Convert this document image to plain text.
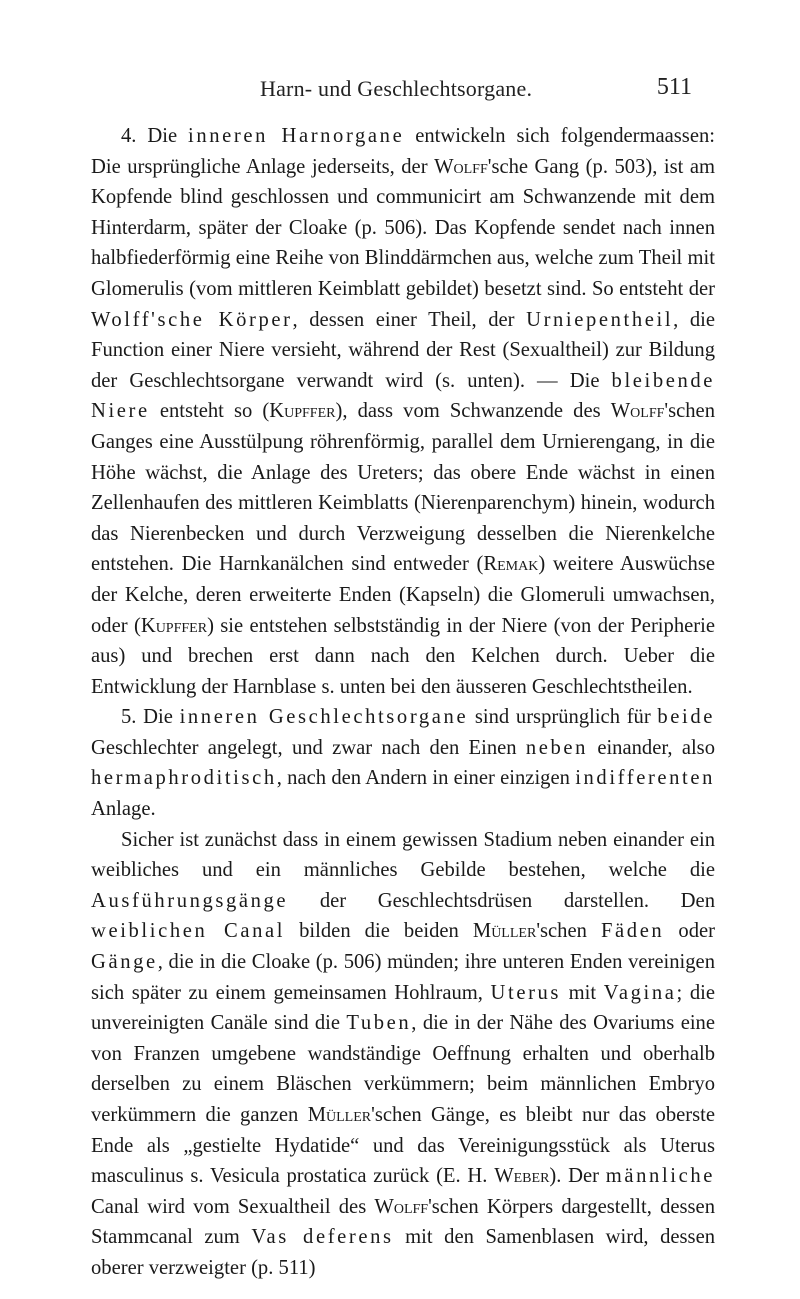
Harn- und Geschlechtsorgane.	511

4. Die inneren Harnorgane entwickeln sich folgendermaassen: Die ursprüngliche Anlage jederseits, der Wolff'sche Gang (p. 503), ist am Kopfende blind geschlossen und communicirt am Schwanzende mit dem Hinterdarm, später der Cloake (p. 506). Das Kopfende sendet nach innen halbfiederförmig eine Reihe von Blinddärmchen aus, welche zum Theil mit Glomerulis (vom mittleren Keimblatt gebildet) besetzt sind. So entsteht der Wolff'sche Körper, dessen einer Theil, der Urniерentheil, die Function einer Niere versieht, während der Rest (Sexualtheil) zur Bildung der Geschlechtsorgane verwandt wird (s. unten). — Die bleibende Niere entsteht so (Kupffer), dass vom Schwanzende des Wolff'schen Ganges eine Ausstülpung röhrenförmig, parallel dem Urnierengang, in die Höhe wächst, die Anlage des Ureters; das obere Ende wächst in einen Zellenhaufen des mittleren Keimblatts (Nierenparenchym) hinein, wodurch das Nierenbecken und durch Verzweigung desselben die Nierenkelche entstehen. Die Harnkanälchen sind entweder (Remak) weitere Auswüchse der Kelche, deren erweiterte Enden (Kapseln) die Glomeruli umwachsen, oder (Kupffer) sie entstehen selbstständig in der Niere (von der Peripherie aus) und brechen erst dann nach den Kelchen durch. Ueber die Entwicklung der Harnblase s. unten bei den äusseren Geschlechtstheilen.

5. Die inneren Geschlechtsorgane sind ursprünglich für beide Geschlechter angelegt, und zwar nach den Einen neben einander, also hermaphroditisch, nach den Andern in einer einzigen indifferenten Anlage.

Sicher ist zunächst dass in einem gewissen Stadium neben einander ein weibliches und ein männliches Gebilde bestehen, welche die Ausführungsgänge der Geschlechtsdrüsen darstellen. Den weiblichen Canal bilden die beiden Müller'schen Fäden oder Gänge, die in die Cloake (p. 506) münden; ihre unteren Enden vereinigen sich später zu einem gemeinsamen Hohlraum, Uterus mit Vagina; die unvereinigten Canäle sind die Tuben, die in der Nähe des Ovariums eine von Franzen umgebene wandständige Oeffnung erhalten und oberhalb derselben zu einem Bläschen verkümmern; beim männlichen Embryo verkümmern die ganzen Müller'schen Gänge, es bleibt nur das oberste Ende als „gestielte Hydatide“ und das Vereinigungsstück als Uterus masculinus s. Vesicula prostatica zurück (E. H. Weber). Der männliche Canal wird vom Sexualtheil des Wolff'schen Körpers dargestellt, dessen Stammcanal zum Vas deferens mit den Samenblasen wird, dessen oberer verzweigter (p. 511)
